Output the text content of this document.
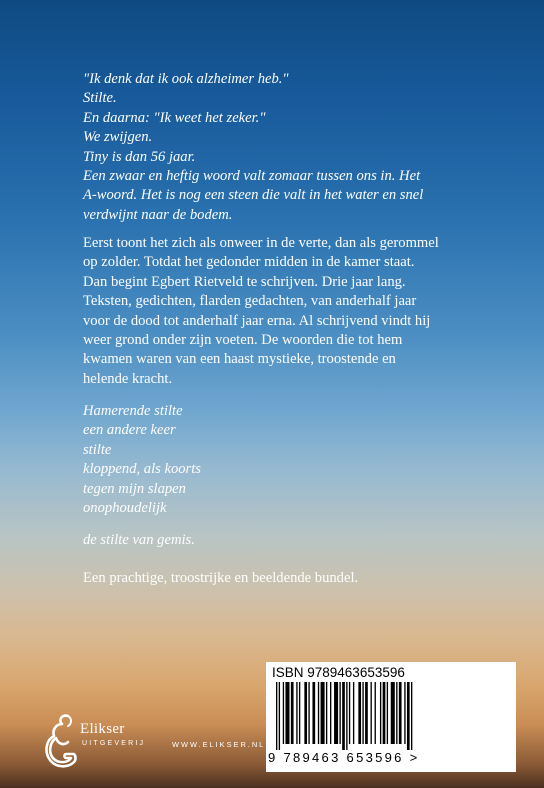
"Ik denk dat ik ook alzheimer heb."
Stilte.
En daarna: "Ik weet het zeker."
We zwijgen.
Tiny is dan 56 jaar.
Een zwaar en heftig woord valt zomaar tussen ons in. Het
A-woord. Het is nog een steen die valt in het water en snel
verdwijnt naar de bodem.
Eerst toont het zich als onweer in de verte, dan als gerommel
op zolder. Totdat het gedonder midden in de kamer staat.
Dan begint Egbert Rietveld te schrijven. Drie jaar lang.
Teksten, gedichten, flarden gedachten, van anderhalf jaar
voor de dood tot anderhalf jaar erna. Al schrijvend vindt hij
weer grond onder zijn voeten. De woorden die tot hem
kwamen waren van een haast mystieke, troostende en
helende kracht.
Hamerende stilte
een andere keer
stilte
kloppend, als koorts
tegen mijn slapen
onophoudelijk
de stilte van gemis.
Een prachtige, troostrijke en beeldende bundel.
Elikser
UITGEVERIJ	WWW.ELIKSER.NL
ISBN 9789463653596
9 789463 653596 >
